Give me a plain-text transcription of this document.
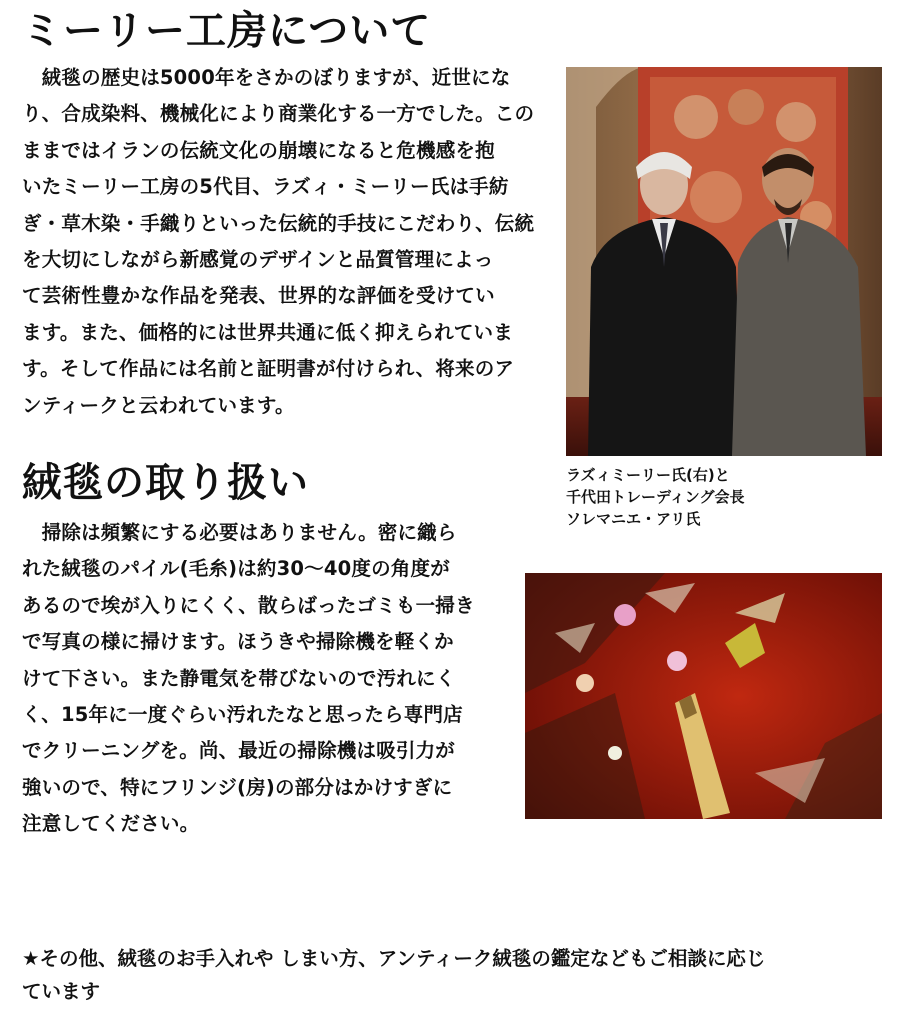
ミーリー工房について
　絨毯の歴史は5000年をさかのぼりますが、近世にな
り、合成染料、機械化により商業化する一方でした。この
ままではイランの伝統文化の崩壊になると危機感を抱
いたミーリー工房の5代目、ラズィ・ミーリー氏は手紡
ぎ・草木染・手織りといった伝統的手技にこだわり、伝統
を大切にしながら新感覚のデザインと品質管理によっ
て芸術性豊かな作品を発表、世界的な評価を受けてい
ます。また、価格的には世界共通に低く抑えられていま
す。そして作品には名前と証明書が付けられ、将来のア
ンティークと云われています。
ラズィミーリー氏(右)と
千代田トレーディング会長
ソレマニエ・アリ氏
絨毯の取り扱い
　掃除は頻繁にする必要はありません。密に織ら
れた絨毯のパイル(毛糸)は約30～40度の角度が
あるので埃が入りにくく、散らばったゴミも一掃き
で写真の様に掃けます。ほうきや掃除機を軽くか
けて下さい。また静電気を帯びないので汚れにく
く、15年に一度ぐらい汚れたなと思ったら専門店
でクリーニングを。尚、最近の掃除機は吸引力が
強いので、特にフリンジ(房)の部分はかけすぎに
注意してください。
★その他、絨毯のお手入れや しまい方、アンティーク絨毯の鑑定などもご相談に応じ
ています
